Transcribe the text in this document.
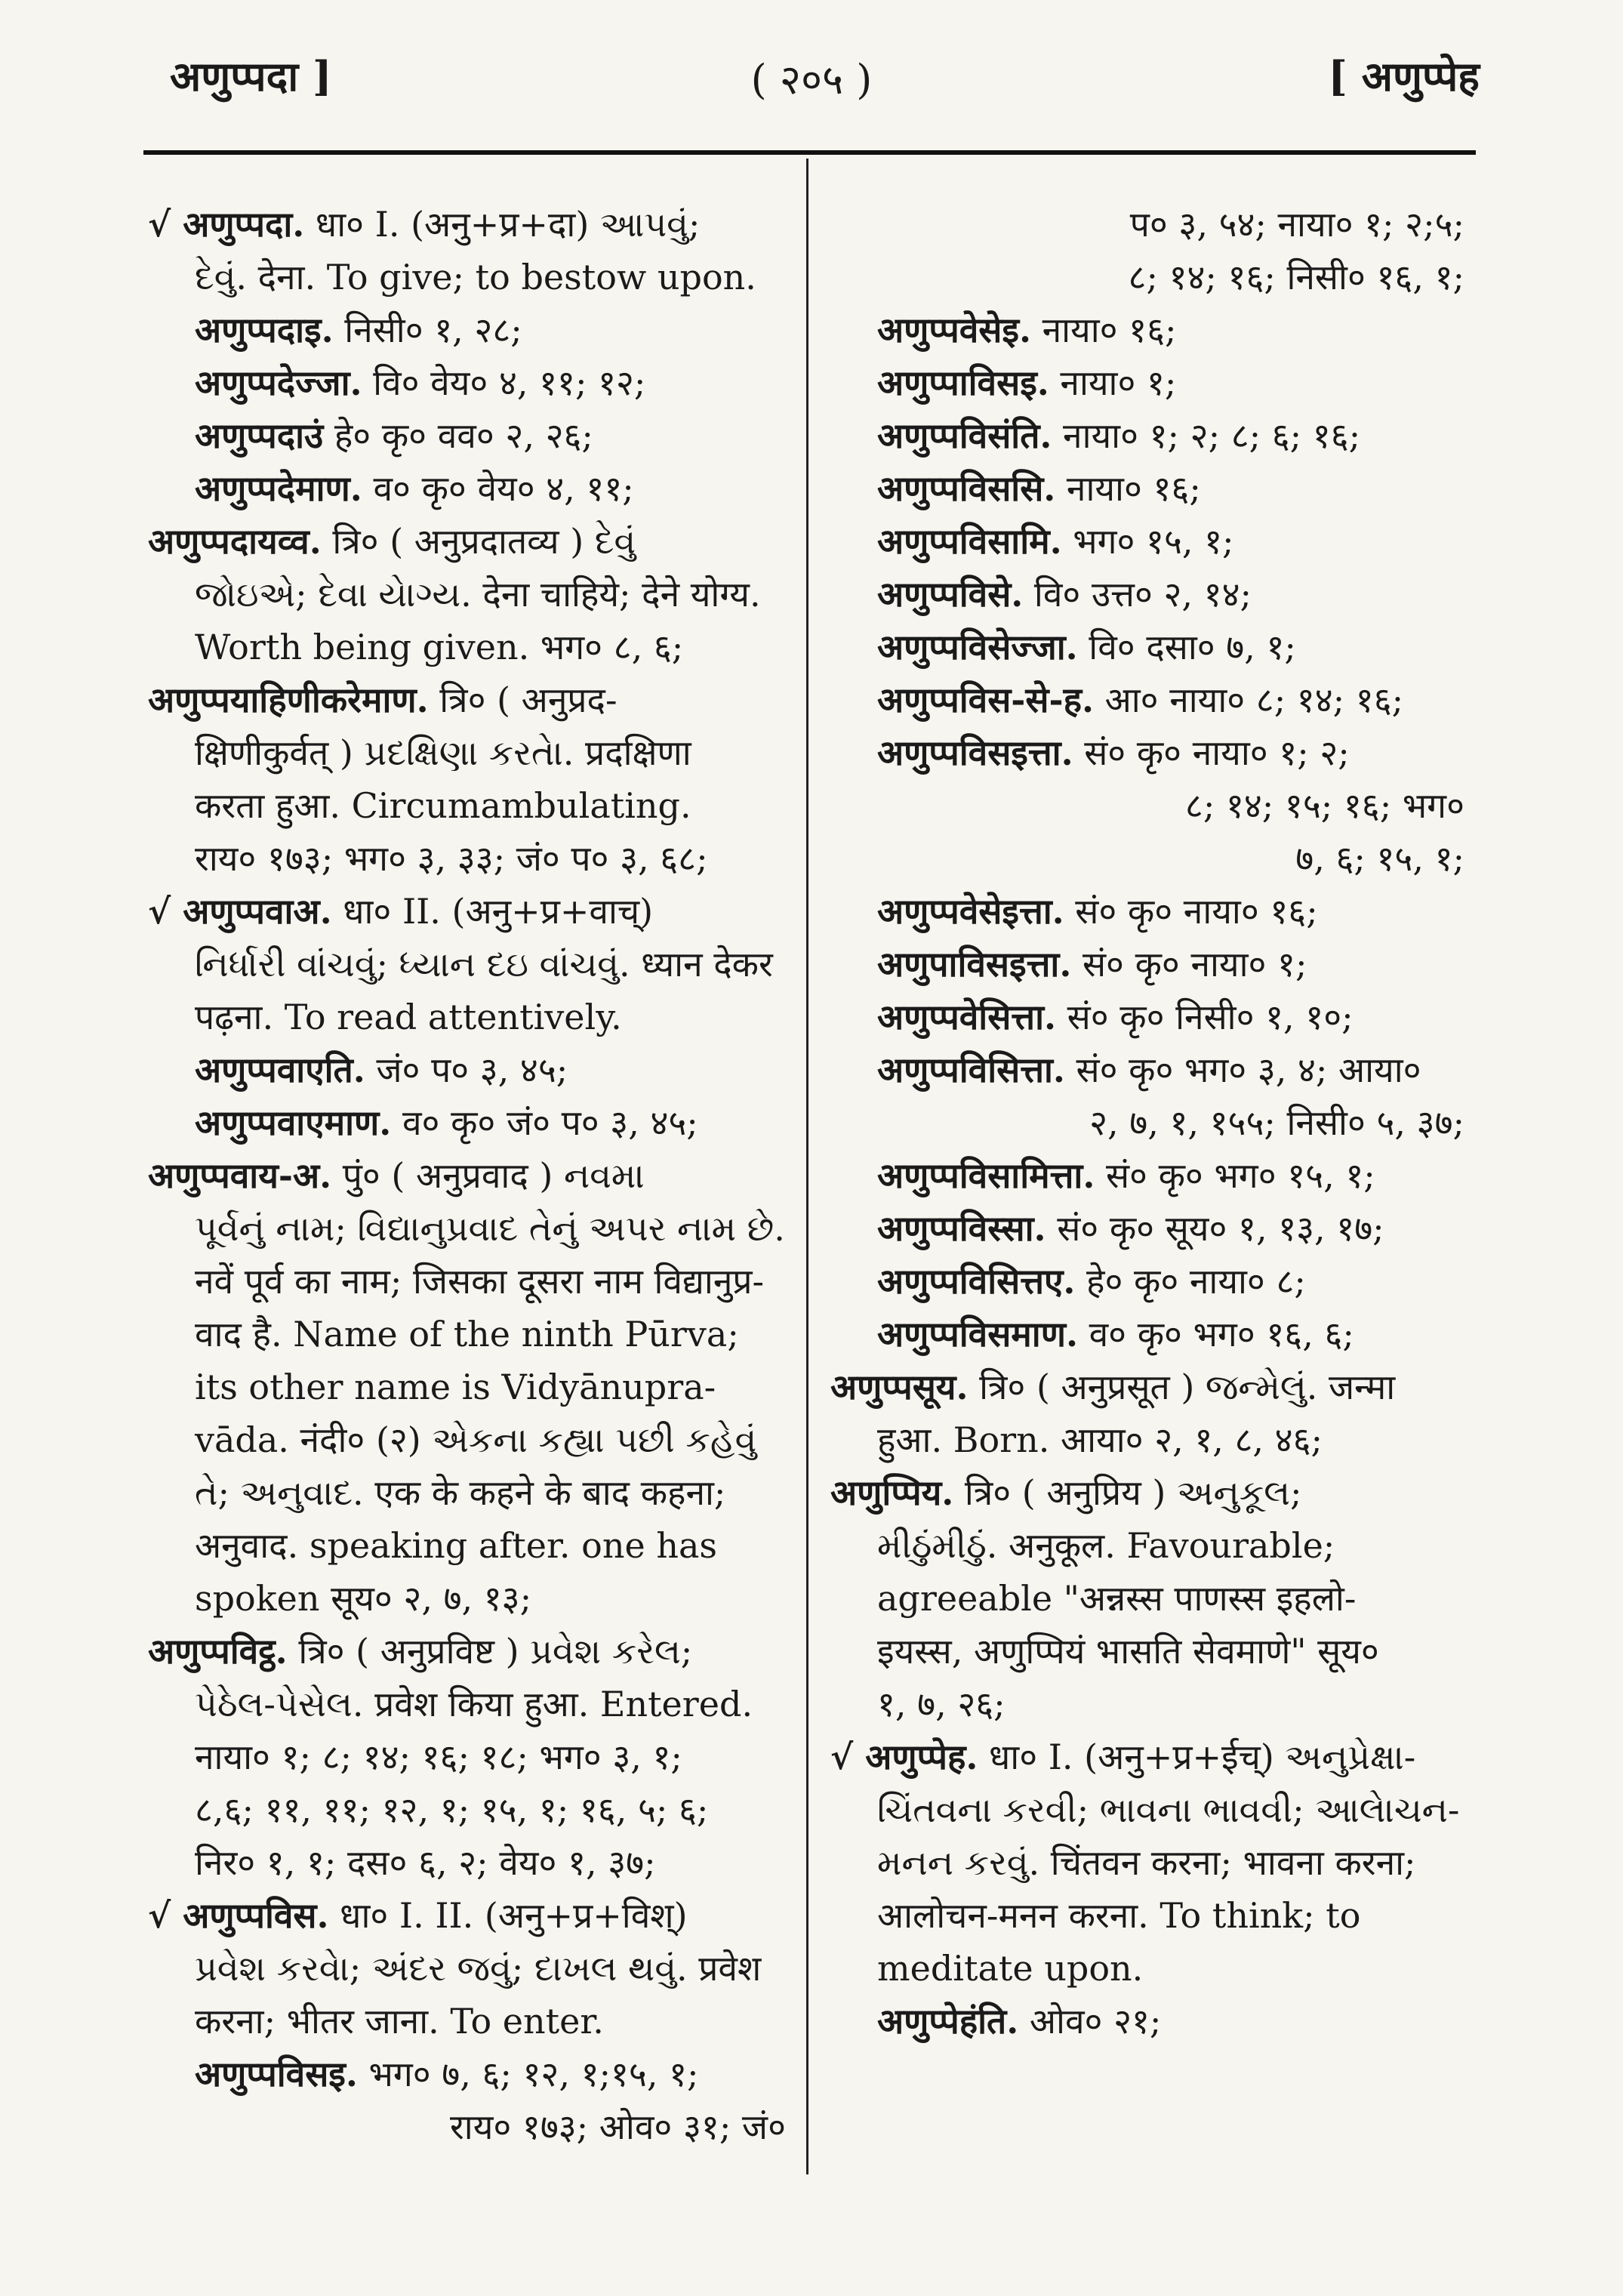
अणुप्पदा ]	( २०५ )	[ अणुप्पेह
√ अणुप्पदा. धा० I. (अनु+प्र+दा) આપવું;
દેવું. देना. To give; to bestow upon.
अणुप्पदाइ. निसी० १, २८;
अणुप्पदेज्जा. वि० वेय० ४, ११; १२;
अणुप्पदाउं हे० कृ० वव० २, २६;
अणुप्पदेमाण. व० कृ० वेय० ४, ११;
अणुप्पदायव्व. त्रि० ( अनुप्रदातव्य ) દેવું
જોઇએ; દેવા યેાગ્ય. देना चाहिये; देने योग्य.
Worth being given. भग० ८, ६;
अणुप्पयाहिणीकरेमाण. त्रि० ( अनुप्रद-
क्षिणीकुर्वत् ) પ્રદક્ષિણા કરતેા. प्रदक्षिणा
करता हुआ. Circumambulating.
राय० १७३; भग० ३, ३३; जं० प० ३, ६८;
√ अणुप्पवाअ. धा० II. (अनु+प्र+वाच्)
નિર્ધારી વાંચવું; ધ્યાન દઇ વાંચવું. ध्यान देकर
पढ़ना. To read attentively.
अणुप्पवाएति. जं० प० ३, ४५;
अणुप्पवाएमाण. व० कृ० जं० प० ३, ४५;
अणुप्पवाय-अ. पुं० ( अनुप्रवाद ) નવમા
પૂર્વનું નામ; વિદ્યાનુપ્રવાદ તેનું અપર નામ છે.
नवें पूर्व का नाम; जिसका दूसरा नाम विद्यानुप्र-
वाद है. Name of the ninth Pūrva;
its other name is Vidyānupra-
vāda. नंदी० (२) એકના કહ્યા પછી કહેવું
તે; અનુવાદ. एक के कहने के बाद कहना;
अनुवाद. speaking after. one has
spoken सूय० २, ७, १३;
अणुप्पविट्ठ. त्रि० ( अनुप्रविष्ट ) પ્રવેશ કરેલ;
પેઠેલ-પેસેલ. प्रवेश किया हुआ. Entered.
नाया० १; ८; १४; १६; १८; भग० ३, १;
८,६; ११, ११; १२, १; १५, १; १६, ५; ६;
निर० १, १; दस० ६, २; वेय० १, ३७;
√ अणुप्पविस. धा० I. II. (अनु+प्र+विश्)
પ્રવેશ કરવેા; અંદર જવું; દાખલ થવું. प्रवेश
करना; भीतर जाना. To enter.
अणुप्पविसइ. भग० ७, ६; १२, १;१५, १;
राय० १७३; ओव० ३१; जं०
प० ३, ५४; नाया० १; २;५;
८; १४; १६; निसी० १६, १;
अणुप्पवेसेइ. नाया० १६;
अणुप्पाविसइ. नाया० १;
अणुप्पविसंति. नाया० १; २; ८; ६; १६;
अणुप्पविससि. नाया० १६;
अणुप्पविसामि. भग० १५, १;
अणुप्पविसे. वि० उत्त० २, १४;
अणुप्पविसेज्जा. वि० दसा० ७, १;
अणुप्पविस-से-ह. आ० नाया० ८; १४; १६;
अणुप्पविसइत्ता. सं० कृ० नाया० १; २;
८; १४; १५; १६; भग०
७, ६; १५, १;
अणुप्पवेसेइत्ता. सं० कृ० नाया० १६;
अणुपाविसइत्ता. सं० कृ० नाया० १;
अणुप्पवेसित्ता. सं० कृ० निसी० १, १०;
अणुप्पविसित्ता. सं० कृ० भग० ३, ४; आया०
२, ७, १, १५५; निसी० ५, ३७;
अणुप्पविसामित्ता. सं० कृ० भग० १५, १;
अणुप्पविस्सा. सं० कृ० सूय० १, १३, १७;
अणुप्पविसित्तए. हे० कृ० नाया० ८;
अणुप्पविसमाण. व० कृ० भग० १६, ६;
अणुप्पसूय. त्रि० ( अनुप्रसूत ) જન્મેલું. जन्मा
हुआ. Born. आया० २, १, ८, ४६;
अणुप्पिय. त्रि० ( अनुप्रिय ) અનુકૂલ;
મીઠુંમીઠું. अनुकूल. Favourable;
agreeable "अन्नस्स पाणस्स इहलो-
इयस्स, अणुप्पियं भासति सेवमाणे" सूय०
१, ७, २६;
√ अणुप्पेह. धा० I. (अनु+प्र+ईच्) અનુપ્રેક્ષા-
ચિંતવના કરવી; ભાવના ભાવવી; આલેાચન-
મનન કરવું. चिंतवन करना; भावना करना;
आलोचन-मनन करना. To think; to
meditate upon.
अणुप्पेहंति. ओव० २१;
